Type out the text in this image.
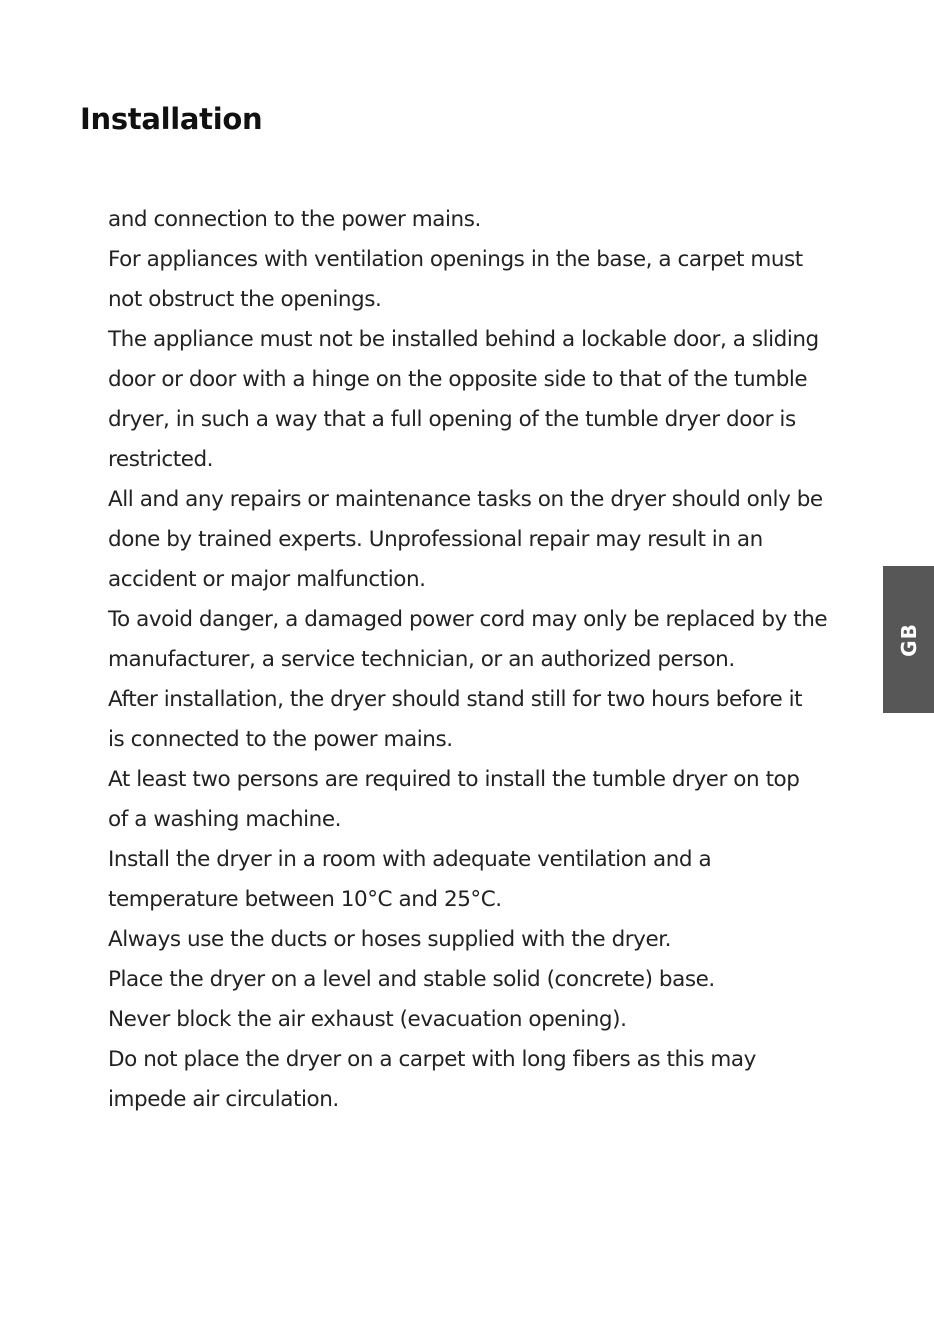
Installation
and connection to the power mains.
For appliances with ventilation openings in the base, a carpet must
not obstruct the openings.
The appliance must not be installed behind a lockable door, a sliding
door or door with a hinge on the opposite side to that of the tumble
dryer, in such a way that a full opening of the tumble dryer door is
restricted.
All and any repairs or maintenance tasks on the dryer should only be
done by trained experts. Unprofessional repair may result in an
accident or major malfunction.
To avoid danger, a damaged power cord may only be replaced by the
manufacturer, a service technician, or an authorized person.
After installation, the dryer should stand still for two hours before it
is connected to the power mains.
At least two persons are required to install the tumble dryer on top
of a washing machine.
Install the dryer in a room with adequate ventilation and a
temperature between 10°C and 25°C.
Always use the ducts or hoses supplied with the dryer.
Place the dryer on a level and stable solid (concrete) base.
Never block the air exhaust (evacuation opening).
Do not place the dryer on a carpet with long fibers as this may
impede air circulation.
GB
